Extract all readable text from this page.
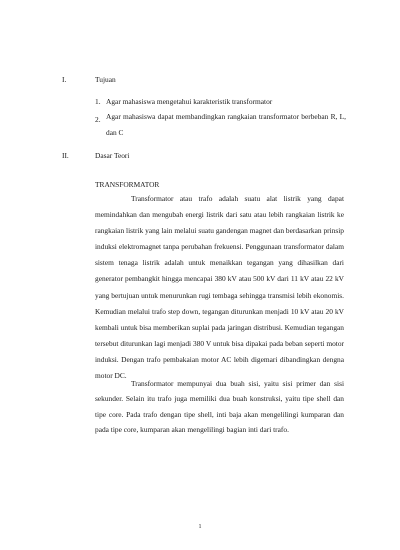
I.	Tujuan
1. Agar mahasiswa mengetahui karakteristik transformator
2. Agar mahasiswa dapat membandingkan rangkaian transformator berbeban R, L, dan C
II.	Dasar Teori
TRANSFORMATOR
Transformator atau trafo adalah suatu alat listrik yang dapat memindahkan dan mengubah energi listrik dari satu atau lebih rangkaian listrik ke rangkaian listrik yang lain melalui suatu gandengan magnet dan berdasarkan prinsip induksi elektromagnet tanpa perubahan frekuensi. Penggunaan transformator dalam sistem tenaga listrik adalah untuk menaikkan tegangan yang dihasilkan dari generator pembangkit hingga mencapai 380 kV atau 500 kV dari 11 kV atau 22 kV yang bertujuan untuk menurunkan rugi tembaga sehingga transmisi lebih ekonomis. Kemudian melalui trafo step down, tegangan diturunkan menjadi 10 kV atau 20 kV kembali untuk bisa memberikan suplai pada jaringan distribusi. Kemudian tegangan tersebut diturunkan lagi menjadi 380 V untuk bisa dipakai pada beban seperti motor induksi. Dengan trafo pembakaian motor AC lebih digemari dibandingkan dengna motor DC.
Transformator mempunyai dua buah sisi, yaitu sisi primer dan sisi sekunder. Selain itu trafo juga memiliki dua buah konstruksi, yaitu tipe shell dan tipe core. Pada trafo dengan tipe shell, inti baja akan mengelilingi kumparan dan pada tipe core, kumparan akan mengelilingi bagian inti dari trafo.
1
